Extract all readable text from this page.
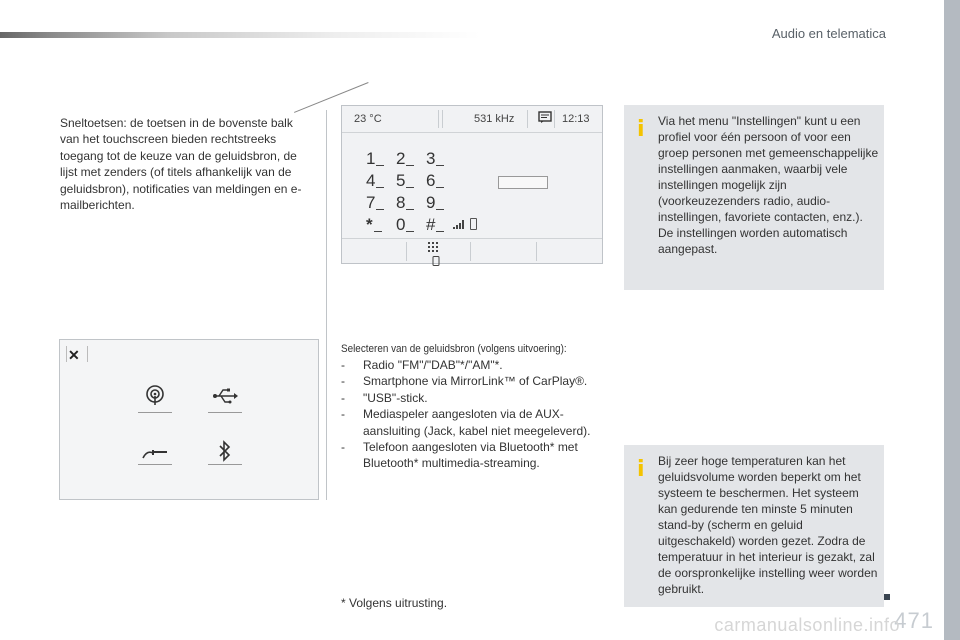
Audio en telematica
471
carmanualsonline.info

Sneltoetsen: de toetsen in de bovenste balk van het touchscreen bieden rechtstreeks toegang tot de keuze van de geluidsbron, de lijst met zenders (of titels afhankelijk van de geluidsbron), notificaties van meldingen en e-mailberichten.

23 °C	531 kHz	12:13
1	2	3
4	5	6
7	8	9
*	0	#
i Via het menu "Instellingen" kunt u een profiel voor één persoon of voor een groep personen met gemeenschappelijke instellingen aanmaken, waarbij vele instellingen mogelijk zijn (voorkeuzezenders radio, audio-instellingen, favoriete contacten, enz.). De instellingen worden automatisch aangepast.
✕	Selecteren van de geluidsbron (volgens uitvoering):
- Radio "FM"/"DAB"*/"AM"*.
- Smartphone via MirrorLink™ of CarPlay®.
- "USB"-stick.
- Mediaspeler aangesloten via de AUX-aansluiting (Jack, kabel niet meegeleverd).
- Telefoon aangesloten via Bluetooth* met Bluetooth* multimedia-streaming.	i Bij zeer hoge temperaturen kan het geluidsvolume worden beperkt om het systeem te beschermen. Het systeem kan gedurende ten minste 5 minuten stand-by (scherm en geluid uitgeschakeld) worden gezet. Zodra de temperatuur in het interieur is gezakt, zal de oorspronkelijke instelling weer worden gebruikt.
* Volgens uitrusting.
